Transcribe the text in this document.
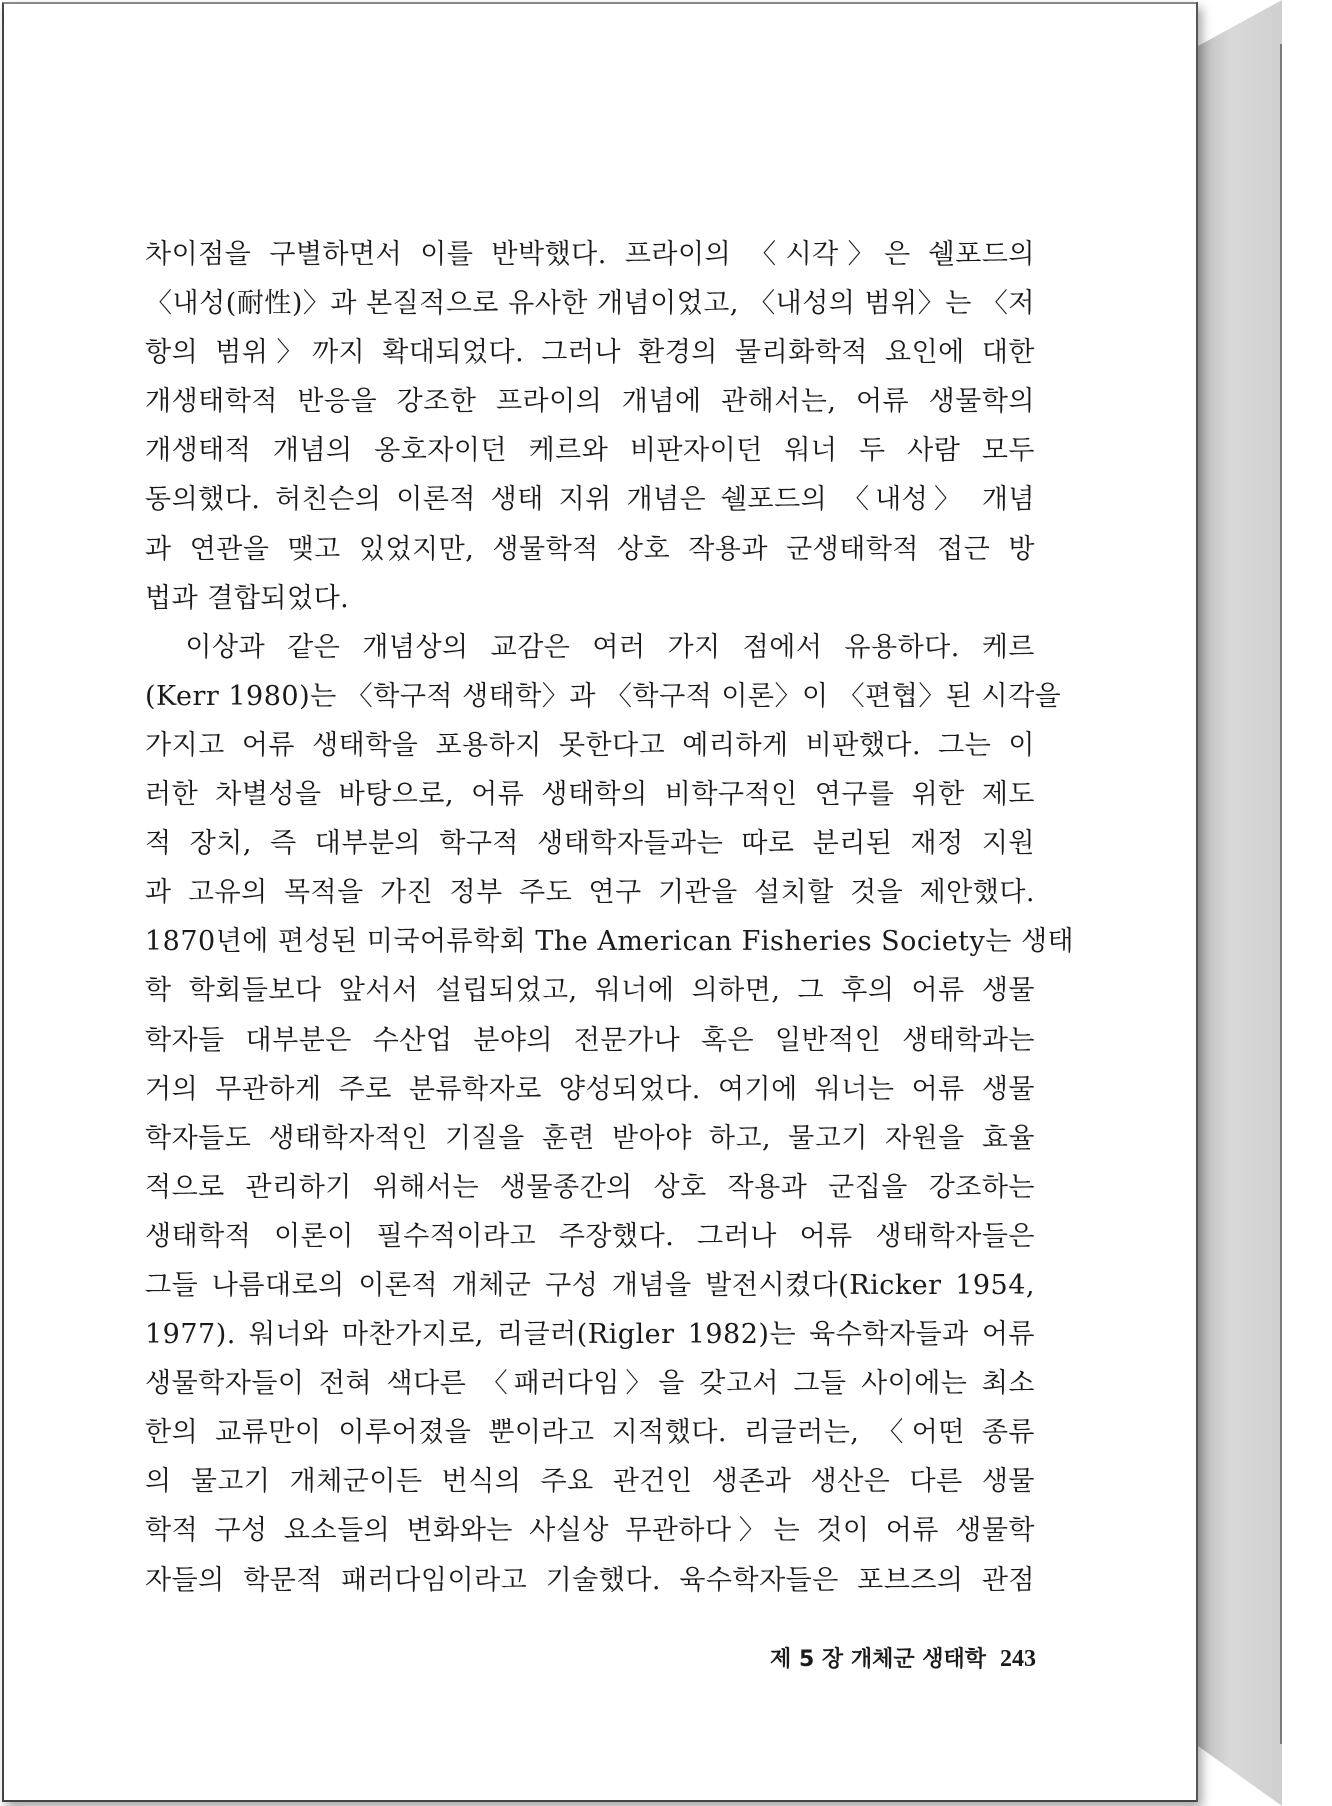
차이점을 구별하면서 이를 반박했다. 프라이의 〈시각〉은 쉘포드의
〈내성(耐性)〉과 본질적으로 유사한 개념이었고, 〈내성의 범위〉는 〈저
항의 범위〉까지 확대되었다. 그러나 환경의 물리화학적 요인에 대한
개생태학적 반응을 강조한 프라이의 개념에 관해서는, 어류 생물학의
개생태적 개념의 옹호자이던 케르와 비판자이던 워너 두 사람 모두
동의했다. 허친슨의 이론적 생태 지위 개념은 쉘포드의 〈내성〉 개념
과 연관을 맺고 있었지만, 생물학적 상호 작용과 군생태학적 접근 방
법과 결합되었다.
　이상과 같은 개념상의 교감은 여러 가지 점에서 유용하다. 케르
(Kerr 1980)는 〈학구적 생태학〉과 〈학구적 이론〉이 〈편협〉된 시각을
가지고 어류 생태학을 포용하지 못한다고 예리하게 비판했다. 그는 이
러한 차별성을 바탕으로, 어류 생태학의 비학구적인 연구를 위한 제도
적 장치, 즉 대부분의 학구적 생태학자들과는 따로 분리된 재정 지원
과 고유의 목적을 가진 정부 주도 연구 기관을 설치할 것을 제안했다.
1870년에 편성된 미국어류학회 The American Fisheries Society는 생태
학 학회들보다 앞서서 설립되었고, 워너에 의하면, 그 후의 어류 생물
학자들 대부분은 수산업 분야의 전문가나 혹은 일반적인 생태학과는
거의 무관하게 주로 분류학자로 양성되었다. 여기에 워너는 어류 생물
학자들도 생태학자적인 기질을 훈련 받아야 하고, 물고기 자원을 효율
적으로 관리하기 위해서는 생물종간의 상호 작용과 군집을 강조하는
생태학적 이론이 필수적이라고 주장했다. 그러나 어류 생태학자들은
그들 나름대로의 이론적 개체군 구성 개념을 발전시켰다(Ricker 1954,
1977). 워너와 마찬가지로, 리글러(Rigler 1982)는 육수학자들과 어류
생물학자들이 전혀 색다른 〈패러다임〉을 갖고서 그들 사이에는 최소
한의 교류만이 이루어졌을 뿐이라고 지적했다. 리글러는, 〈어떤 종류
의 물고기 개체군이든 번식의 주요 관건인 생존과 생산은 다른 생물
학적 구성 요소들의 변화와는 사실상 무관하다〉는 것이 어류 생물학
자들의 학문적 패러다임이라고 기술했다. 육수학자들은 포브즈의 관점
제 5 장 개체군 생태학 243
